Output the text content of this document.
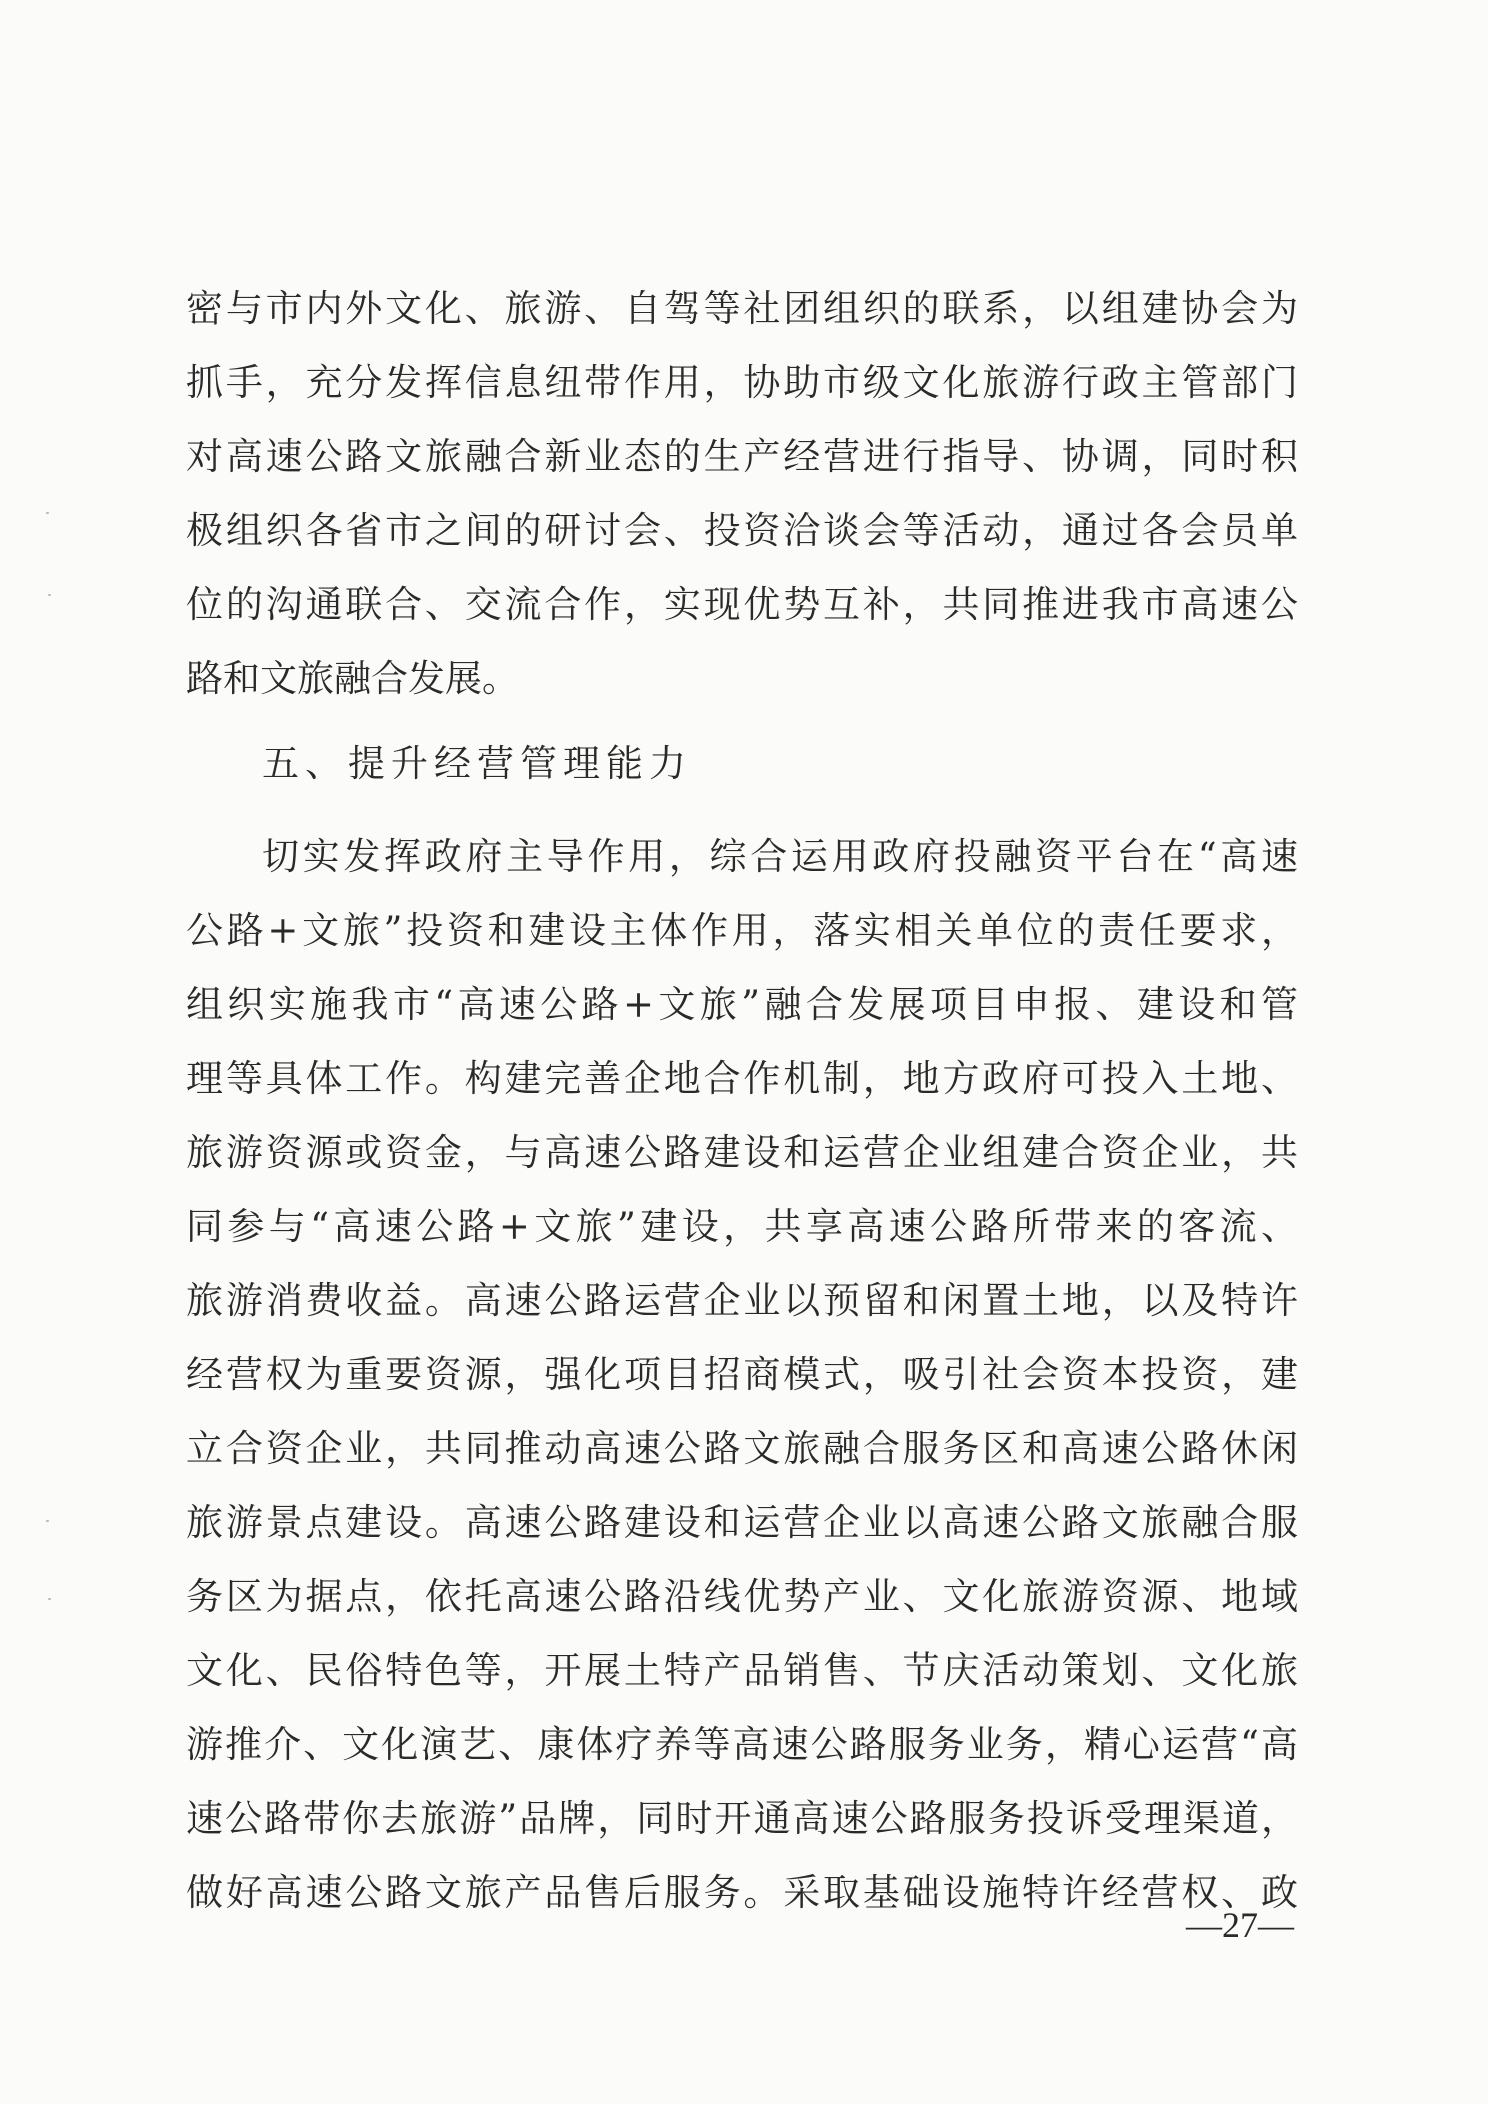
密与市内外文化、旅游、自驾等社团组织的联系，以组建协会为
抓手，充分发挥信息纽带作用，协助市级文化旅游行政主管部门
对高速公路文旅融合新业态的生产经营进行指导、协调，同时积
极组织各省市之间的研讨会、投资洽谈会等活动，通过各会员单
位的沟通联合、交流合作，实现优势互补，共同推进我市高速公
路和文旅融合发展。
五、提升经营管理能力
切实发挥政府主导作用，综合运用政府投融资平台在“高速
公路+文旅”投资和建设主体作用，落实相关单位的责任要求，
组织实施我市“高速公路+文旅”融合发展项目申报、建设和管
理等具体工作。构建完善企地合作机制，地方政府可投入土地、
旅游资源或资金，与高速公路建设和运营企业组建合资企业，共
同参与“高速公路+文旅”建设，共享高速公路所带来的客流、
旅游消费收益。高速公路运营企业以预留和闲置土地，以及特许
经营权为重要资源，强化项目招商模式，吸引社会资本投资，建
立合资企业，共同推动高速公路文旅融合服务区和高速公路休闲
旅游景点建设。高速公路建设和运营企业以高速公路文旅融合服
务区为据点，依托高速公路沿线优势产业、文化旅游资源、地域
文化、民俗特色等，开展土特产品销售、节庆活动策划、文化旅
游推介、文化演艺、康体疗养等高速公路服务业务，精心运营“高
速公路带你去旅游”品牌，同时开通高速公路服务投诉受理渠道，
做好高速公路文旅产品售后服务。采取基础设施特许经营权、政
—27—
